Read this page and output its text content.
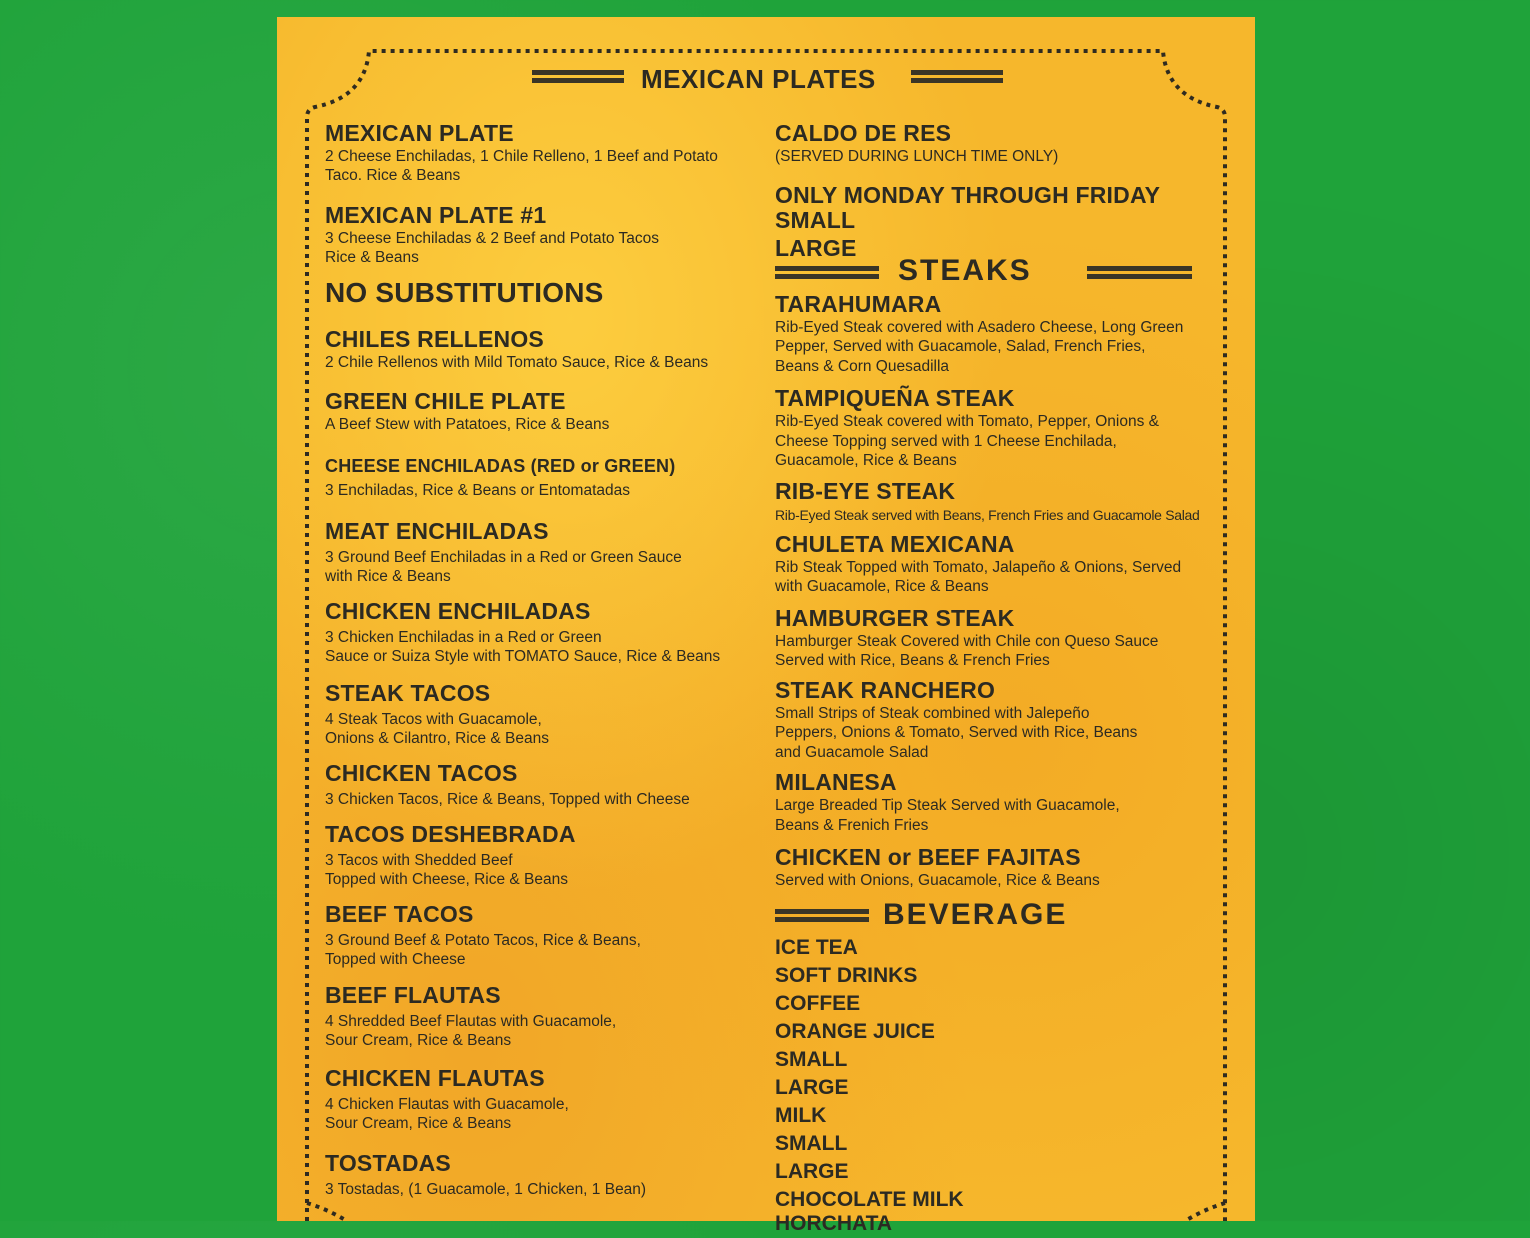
MEXICAN PLATES
MEXICAN PLATE
2 Cheese Enchiladas, 1 Chile Relleno, 1 Beef and Potato
Taco. Rice & Beans
MEXICAN PLATE #1
3 Cheese Enchiladas & 2 Beef and Potato Tacos
Rice & Beans
NO SUBSTITUTIONS
CHILES RELLENOS
2 Chile Rellenos with Mild Tomato Sauce, Rice & Beans
GREEN CHILE PLATE
A Beef Stew with Patatoes, Rice & Beans
CHEESE ENCHILADAS (RED or GREEN)
3 Enchiladas, Rice & Beans or Entomatadas
MEAT ENCHILADAS
3 Ground Beef Enchiladas in a Red or Green Sauce
with Rice & Beans
CHICKEN ENCHILADAS
3 Chicken Enchiladas in a Red or Green
Sauce or Suiza Style with TOMATO Sauce, Rice & Beans
STEAK TACOS
4 Steak Tacos with Guacamole,
Onions & Cilantro, Rice & Beans
CHICKEN TACOS
3 Chicken Tacos, Rice & Beans, Topped with Cheese
TACOS DESHEBRADA
3 Tacos with Shedded Beef
Topped with Cheese, Rice & Beans
BEEF TACOS
3 Ground Beef & Potato Tacos, Rice & Beans,
Topped with Cheese
BEEF FLAUTAS
4 Shredded Beef Flautas with Guacamole,
Sour Cream, Rice & Beans
CHICKEN FLAUTAS
4 Chicken Flautas with Guacamole,
Sour Cream, Rice & Beans
TOSTADAS
3 Tostadas, (1 Guacamole, 1 Chicken, 1 Bean)
CALDO DE RES
(SERVED DURING LUNCH TIME ONLY)
ONLY MONDAY THROUGH FRIDAY
SMALL
LARGE
STEAKS
TARAHUMARA
Rib-Eyed Steak covered with Asadero Cheese, Long Green
Pepper, Served with Guacamole, Salad, French Fries,
Beans & Corn Quesadilla
TAMPIQUEÑA STEAK
Rib-Eyed Steak covered with Tomato, Pepper, Onions &
Cheese Topping served with 1 Cheese Enchilada,
Guacamole, Rice & Beans
RIB-EYE STEAK
Rib-Eyed Steak served with Beans, French Fries and Guacamole Salad
CHULETA MEXICANA
Rib Steak Topped with Tomato, Jalapeño & Onions, Served
with Guacamole, Rice & Beans
HAMBURGER STEAK
Hamburger Steak Covered with Chile con Queso Sauce
Served with Rice, Beans & French Fries
STEAK RANCHERO
Small Strips of Steak combined with Jalepeño
Peppers, Onions & Tomato, Served with Rice, Beans
and Guacamole Salad
MILANESA
Large Breaded Tip Steak Served with Guacamole,
Beans & Frenich Fries
CHICKEN or BEEF FAJITAS
Served with Onions, Guacamole, Rice & Beans
BEVERAGE
ICE TEA
SOFT DRINKS
COFFEE
ORANGE JUICE
SMALL
LARGE
MILK
SMALL
LARGE
CHOCOLATE MILK
HORCHATA
